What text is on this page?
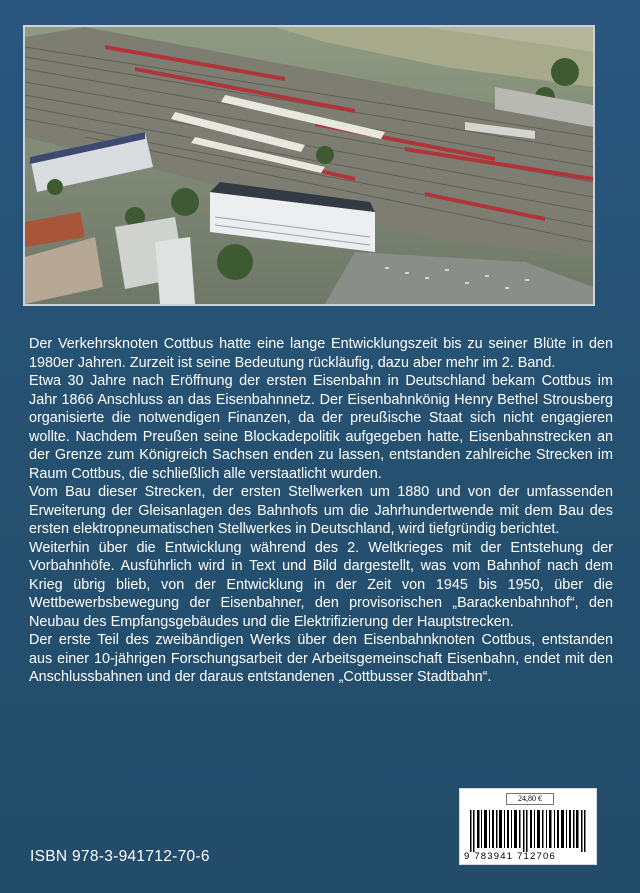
Der Verkehrsknoten Cottbus hatte eine lange Entwicklungszeit bis zu seiner Blüte in den 1980er Jahren. Zurzeit ist seine Bedeutung rückläufig, dazu aber mehr im 2. Band.

Etwa 30 Jahre nach Eröffnung der ersten Eisenbahn in Deutschland bekam Cottbus im Jahr 1866 Anschluss an das Eisenbahnnetz. Der Eisenbahnkönig Henry Bethel Strousberg organisierte die notwendigen Finanzen, da der preußische Staat sich nicht engagieren wollte. Nachdem Preußen seine Blockadepolitik aufgegeben hatte, Eisenbahnstrecken an der Grenze zum Königreich Sachsen enden zu lassen, entstanden zahlreiche Strecken im Raum Cottbus, die schließlich alle verstaatlicht wurden.

Vom Bau dieser Strecken, der ersten Stellwerken um 1880 und von der umfassenden Erweiterung der Gleisanlagen des Bahnhofs um die Jahrhundertwende mit dem Bau des ersten elektropneumatischen Stellwerkes in Deutschland, wird tiefgründig berichtet.

Weiterhin über die Entwicklung während des 2. Weltkrieges mit der Entstehung der Vorbahnhöfe. Ausführlich wird in Text und Bild dargestellt, was vom Bahnhof nach dem Krieg übrig blieb, von der Entwicklung in der Zeit von 1945 bis 1950, über die Wettbewerbsbewegung der Eisenbahner, den provisorischen „Barackenbahnhof“, den Neubau des Empfangsgebäudes und die Elektrifizierung der Hauptstrecken.

Der erste Teil des zweibändigen Werks über den Eisenbahnknoten Cottbus, entstanden aus einer 10-jährigen Forschungsarbeit der Arbeitsgemeinschaft Eisenbahn, endet mit den Anschlussbahnen und der daraus entstandenen „Cottbusser Stadtbahn“.

ISBN 978-3-941712-70-6
24,80 €
9 783941 712706
